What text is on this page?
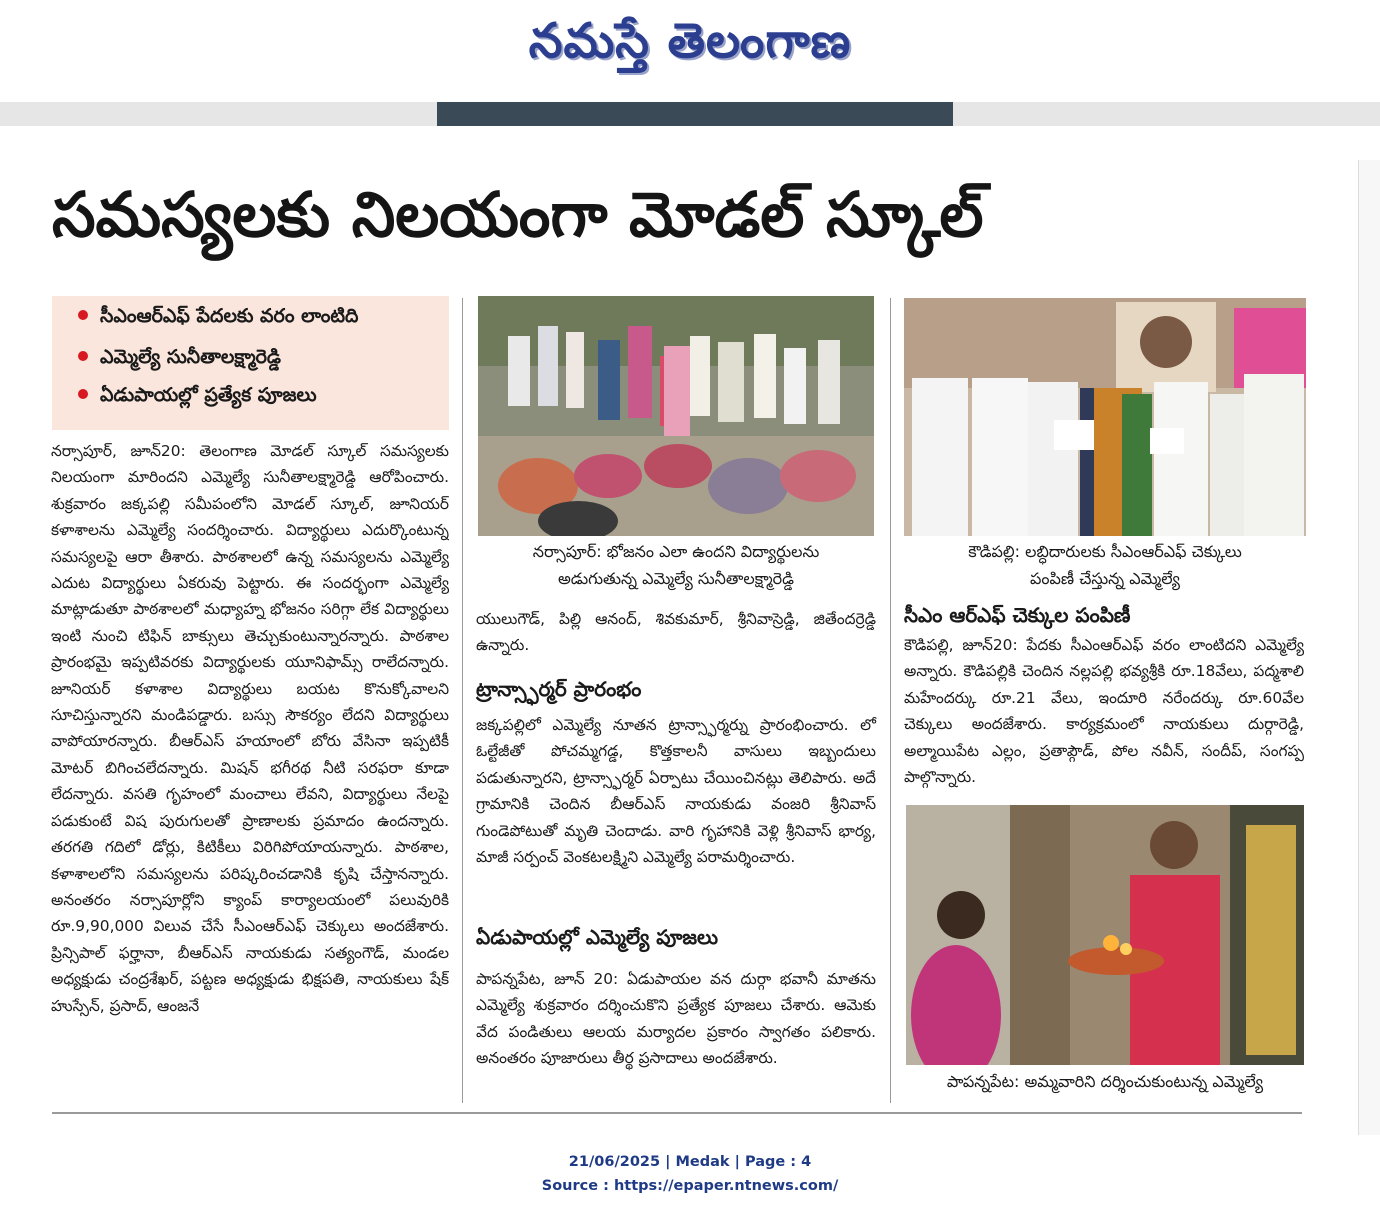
నమస్తే తెలంగాణ
సమస్యలకు నిలయంగా మోడల్ స్కూల్
సీఎంఆర్ఎఫ్ పేదలకు వరం లాంటిది
ఎమ్మెల్యే సునీతాలక్ష్మారెడ్డి
ఏడుపాయల్లో ప్రత్యేక పూజలు

నర్సాపూర్, జూన్20: తెలంగాణ మోడల్ స్కూల్ సమస్యలకు నిలయంగా మారిందని ఎమ్మెల్యే సునీతాలక్ష్మారెడ్డి ఆరోపించారు. శుక్రవారం జక్కపల్లి సమీపంలోని మోడల్ స్కూల్, జూనియర్ కళాశాలను ఎమ్మెల్యే సందర్శించారు. విద్యార్థులు ఎదుర్కొంటున్న సమస్యలపై ఆరా తీశారు. పాఠశాలలో ఉన్న సమస్యలను ఎమ్మెల్యే ఎదుట విద్యార్థులు ఏకరువు పెట్టారు. ఈ సందర్భంగా ఎమ్మెల్యే మాట్లాడుతూ పాఠశాలలో మధ్యాహ్న భోజనం సరిగ్గా లేక విద్యార్థులు ఇంటి నుంచి టిఫిన్ బాక్సులు తెచ్చుకుంటున్నారన్నారు. పాఠశాల ప్రారంభమై ఇప్పటివరకు విద్యార్థులకు యూనిఫామ్స్ రాలేదన్నారు. జూనియర్ కళాశాల విద్యార్థులు బయట కొనుక్కోవాలని సూచిస్తున్నారని మండిపడ్డారు. బస్సు సౌకర్యం లేదని విద్యార్థులు వాపోయారన్నారు. బీఆర్ఎస్ హయాంలో బోరు వేసినా ఇప్పటికీ మోటర్ బిగించలేదన్నారు. మిషన్ భగీరథ నీటి సరఫరా కూడా లేదన్నారు. వసతి గృహంలో మంచాలు లేవని, విద్యార్థులు నేలపై పడుకుంటే విష పురుగులతో ప్రాణాలకు ప్రమాదం ఉందన్నారు. తరగతి గదిలో డోర్లు, కిటికీలు విరిగిపోయాయన్నారు. పాఠశాల, కళాశాలలోని సమస్యలను పరిష్కరించడానికి కృషి చేస్తానన్నారు. అనంతరం నర్సాపూర్లోని క్యాంప్ కార్యాలయంలో పలువురికి రూ.9,90,000 విలువ చేసే సీఎంఆర్ఎఫ్ చెక్కులు అందజేశారు. ప్రిన్సిపాల్ ఫర్హానా, బీఆర్ఎస్ నాయకుడు సత్యంగౌడ్, మండల అధ్యక్షుడు చంద్రశేఖర్, పట్టణ అధ్యక్షుడు భిక్షపతి, నాయకులు షేక్ హుస్సేన్, ప్రసాద్, ఆంజనే

నర్సాపూర్: భోజనం ఎలా ఉందని విద్యార్థులను
అడుగుతున్న ఎమ్మెల్యే సునీతాలక్ష్మారెడ్డి
కౌడిపల్లి: లబ్ధిదారులకు సీఎంఆర్ఎఫ్ చెక్కులు
పంపిణీ చేస్తున్న ఎమ్మెల్యే

యులుగౌడ్, పిల్లి ఆనంద్, శివకుమార్, శ్రీనివాస్రెడ్డి, జితేందర్రెడ్డి ఉన్నారు.

ట్రాన్స్ఫార్మర్ ప్రారంభం

జక్కపల్లిలో ఎమ్మెల్యే నూతన ట్రాన్స్ఫార్మర్ను ప్రారంభించారు. లో ఓల్టేజీతో పోచమ్మగడ్డ, కొత్తకాలనీ వాసులు ఇబ్బందులు పడుతున్నారని, ట్రాన్స్ఫార్మర్ ఏర్పాటు చేయించినట్లు తెలిపారు. అదే గ్రామానికి చెందిన బీఆర్ఎస్ నాయకుడు వంజరి శ్రీనివాస్ గుండెపోటుతో మృతి చెందాడు. వారి గృహానికి వెళ్లి శ్రీనివాస్ భార్య, మాజీ సర్పంచ్ వెంకటలక్ష్మిని ఎమ్మెల్యే పరామర్శించారు.

ఏడుపాయల్లో ఎమ్మెల్యే పూజలు

పాపన్నపేట, జూన్ 20: ఏడుపాయల వన దుర్గా భవానీ మాతను ఎమ్మెల్యే శుక్రవారం దర్శించుకొని ప్రత్యేక పూజలు చేశారు. ఆమెకు వేద పండితులు ఆలయ మర్యాదల ప్రకారం స్వాగతం పలికారు. అనంతరం పూజారులు తీర్థ ప్రసాదాలు అందజేశారు.

సీఎం ఆర్ఎఫ్ చెక్కుల పంపిణీ

కౌడిపల్లి, జూన్20: పేదకు సీఎంఆర్ఎఫ్ వరం లాంటిదని ఎమ్మెల్యే అన్నారు. కౌడిపల్లికి చెందిన నల్లపల్లి భవ్యశ్రీకి రూ.18వేలు, పద్మశాలి మహేందర్కు రూ.21 వేలు, ఇందూరి నరేందర్కు రూ.60వేల చెక్కులు అందజేశారు. కార్యక్రమంలో నాయకులు దుర్గారెడ్డి, అల్మాయిపేట ఎల్లం, ప్రతాప్గౌడ్, పోల నవీన్, సందీప్, సంగప్ప పాల్గొన్నారు.

పాపన్నపేట: అమ్మవారిని దర్శించుకుంటున్న ఎమ్మెల్యే
21/06/2025 | Medak | Page : 4
Source : https://epaper.ntnews.com/
